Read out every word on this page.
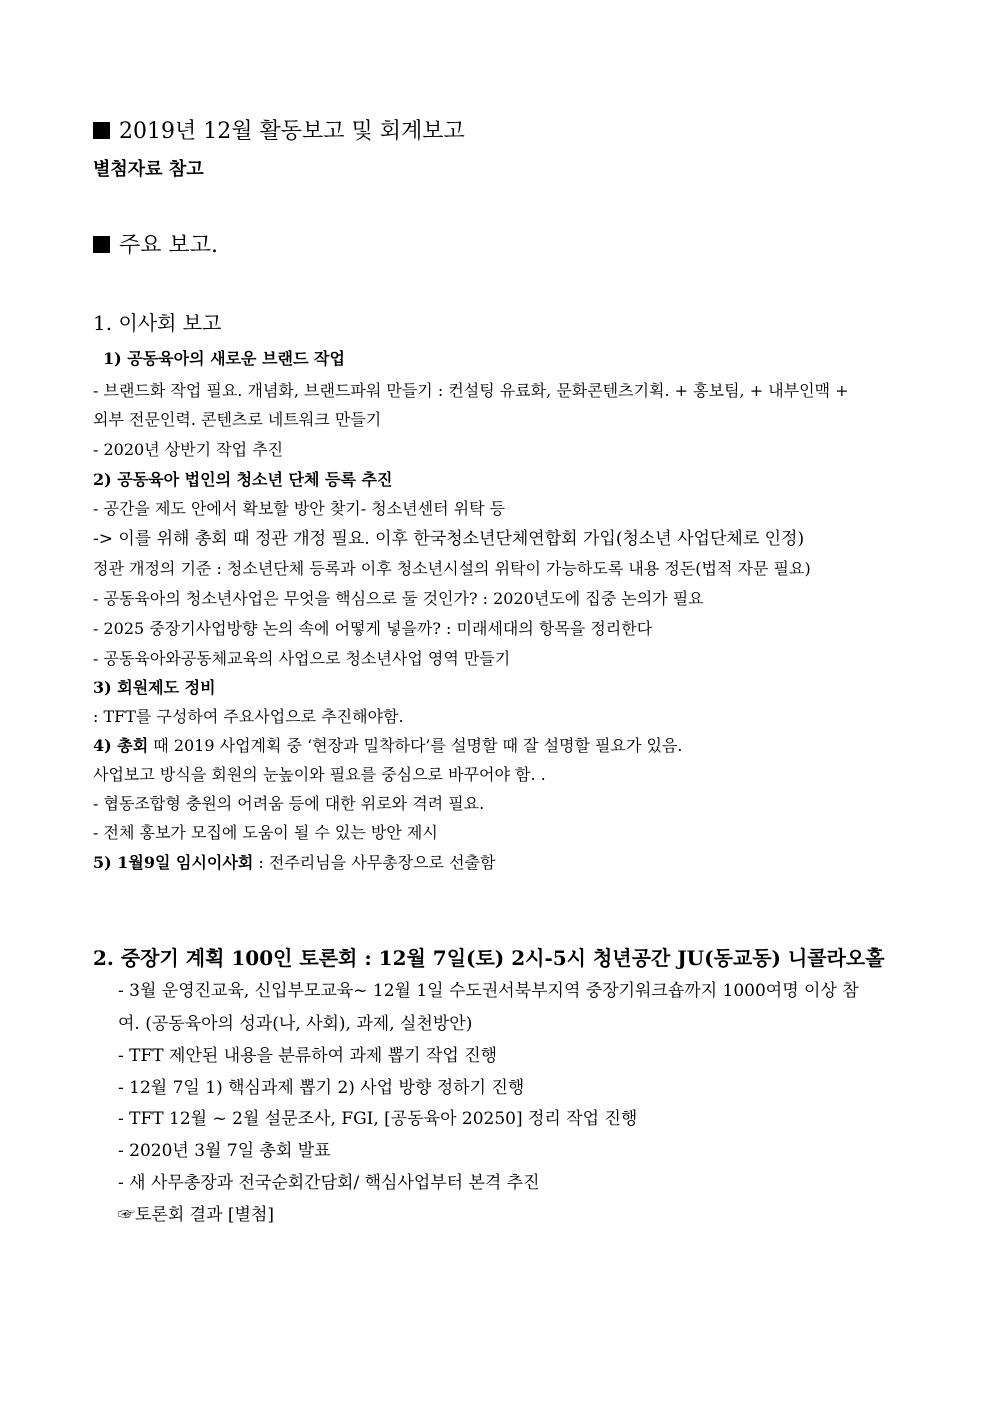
2019년 12월 활동보고 및 회계보고
별첨자료 참고
주요 보고.
1. 이사회 보고
1) 공동육아의 새로운 브랜드 작업
- 브랜드화 작업 필요. 개념화, 브랜드파워 만들기 : 컨설팅 유료화, 문화콘텐츠기획. + 홍보팀, + 내부인맥 +
외부 전문인력. 콘텐츠로 네트워크 만들기
- 2020년 상반기 작업 추진
2) 공동육아 법인의 청소년 단체 등록 추진
- 공간을 제도 안에서 확보할 방안 찾기- 청소년센터 위탁 등
-> 이를 위해 총회 때 정관 개정 필요. 이후 한국청소년단체연합회 가입(청소년 사업단체로 인정)
정관 개정의 기준 : 청소년단체 등록과 이후 청소년시설의 위탁이 가능하도록 내용 정돈(법적 자문 필요)
- 공동육아의 청소년사업은 무엇을 핵심으로 둘 것인가? : 2020년도에 집중 논의가 필요
- 2025 중장기사업방향 논의 속에 어떻게 넣을까? : 미래세대의 항목을 정리한다
- 공동육아와공동체교육의 사업으로 청소년사업 영역 만들기
3) 회원제도 정비
: TFT를 구성하여 주요사업으로 추진해야함.
4) 총회 때 2019 사업계획 중 ‘현장과 밀착하다’를 설명할 때 잘 설명할 필요가 있음.
사업보고 방식을 회원의 눈높이와 필요를 중심으로 바꾸어야 함. .
- 협동조합형 충원의 어려움 등에 대한 위로와 격려 필요.
- 전체 홍보가 모집에 도움이 될 수 있는 방안 제시
5) 1월9일 임시이사회 : 전주리님을 사무총장으로 선출함
2. 중장기 계획 100인 토론회 : 12월 7일(토) 2시-5시 청년공간 JU(동교동) 니콜라오홀
- 3월 운영진교육, 신입부모교육~ 12월 1일 수도권서북부지역 중장기워크숍까지 1000여명 이상 참
여. (공동육아의 성과(나, 사회), 과제, 실천방안)
- TFT 제안된 내용을 분류하여 과제 뽑기 작업 진행
- 12월 7일 1) 핵심과제 뽑기 2) 사업 방향 정하기 진행
- TFT 12월 ~ 2월 설문조사, FGI, [공동육아 20250] 정리 작업 진행
- 2020년 3월 7일 총회 발표
- 새 사무총장과 전국순회간담회/ 핵심사업부터 본격 추진
☞토론회 결과 [별첨]
